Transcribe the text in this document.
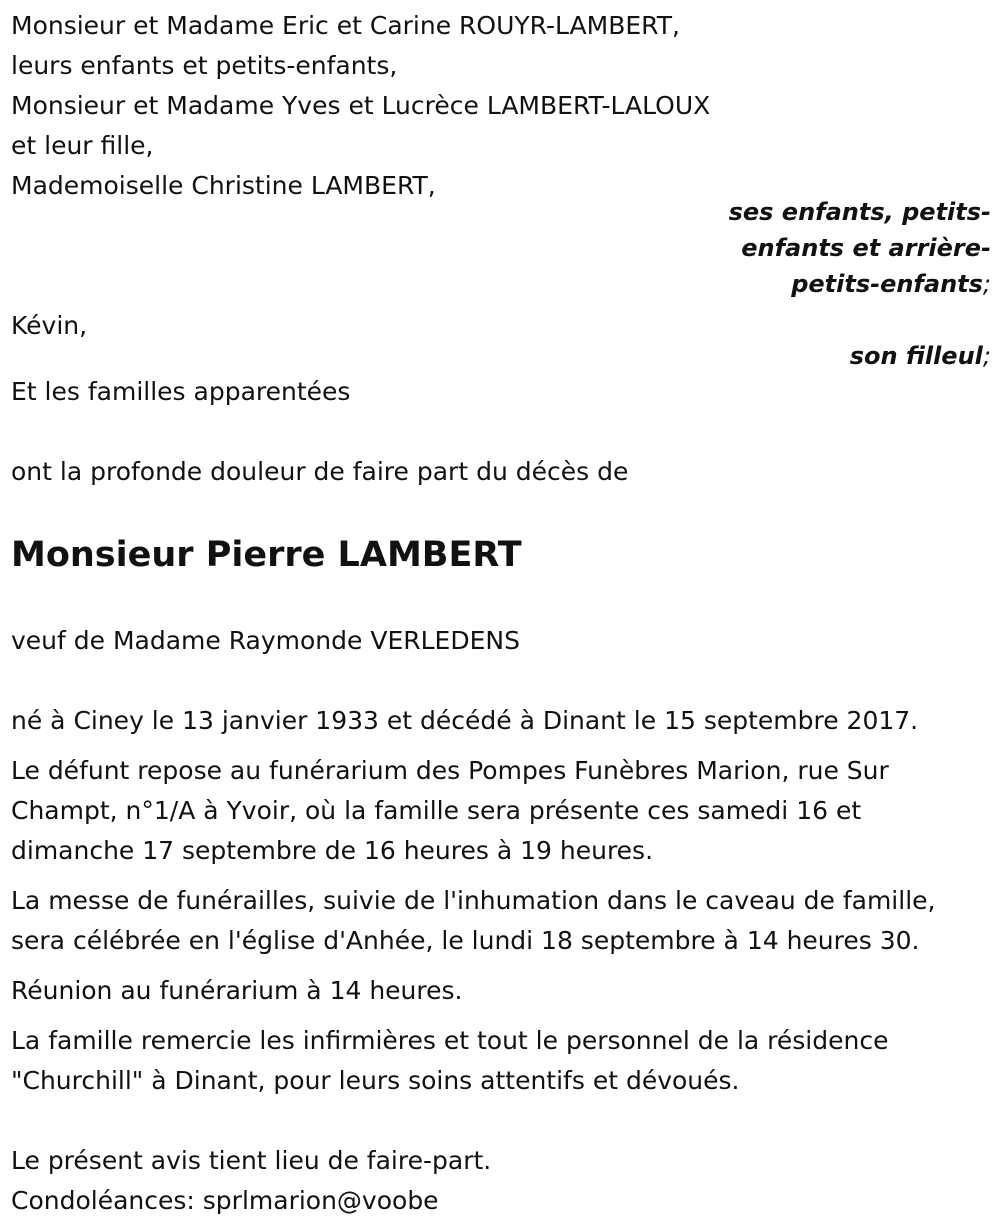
Monsieur et Madame Eric et Carine ROUYR-LAMBERT,
leurs enfants et petits-enfants,
Monsieur et Madame Yves et Lucrèce LAMBERT-LALOUX
et leur fille,
Mademoiselle Christine LAMBERT,
ses enfants, petits-
enfants et arrière-
petits-enfants;
Kévin,
son filleul;
Et les familles apparentées
ont la profonde douleur de faire part du décès de
Monsieur Pierre LAMBERT
veuf de Madame Raymonde VERLEDENS
né à Ciney le 13 janvier 1933 et décédé à Dinant le 15 septembre 2017.
Le défunt repose au funérarium des Pompes Funèbres Marion, rue Sur
Champt, n°1/A à Yvoir, où la famille sera présente ces samedi 16 et
dimanche 17 septembre de 16 heures à 19 heures.
La messe de funérailles, suivie de l'inhumation dans le caveau de famille,
sera célébrée en l'église d'Anhée, le lundi 18 septembre à 14 heures 30.
Réunion au funérarium à 14 heures.
La famille remercie les infirmières et tout le personnel de la résidence
"Churchill" à Dinant, pour leurs soins attentifs et dévoués.
Le présent avis tient lieu de faire-part.
Condoléances: sprlmarion@voobe
